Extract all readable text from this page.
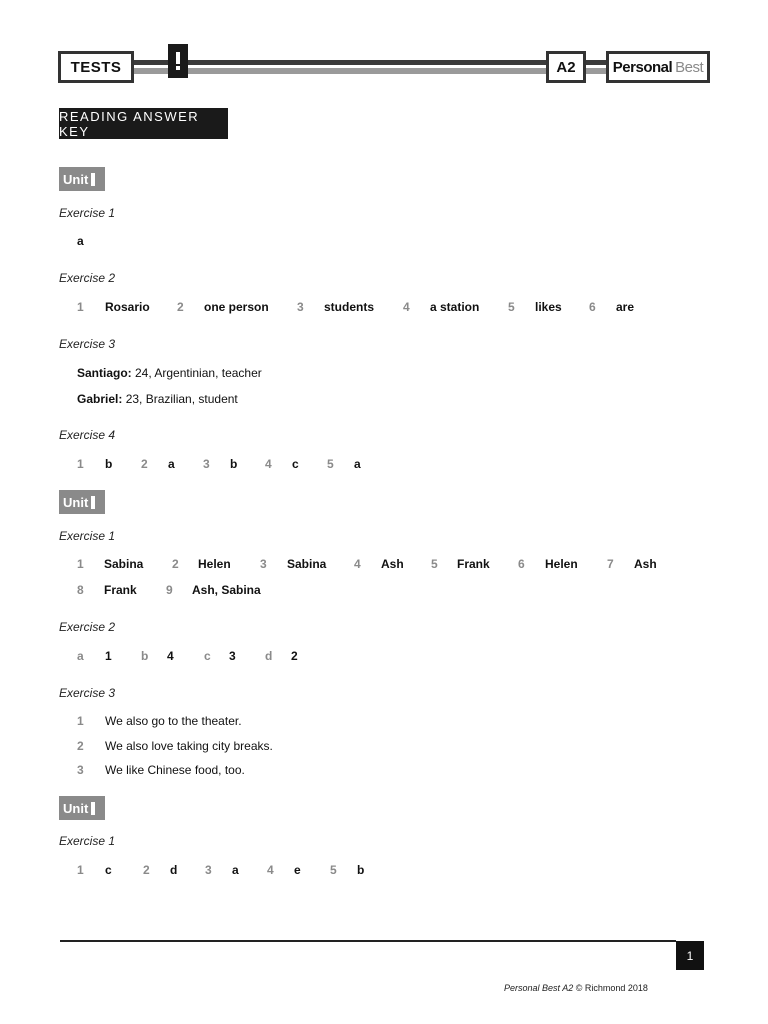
TESTS	A2	Personal Best
READING ANSWER KEY
Unit
Exercise 1
a
Exercise 2
1 Rosario 2 one person 3 students 4 a station 5 likes 6 are
Exercise 3
Santiago: 24, Argentinian, teacher
Gabriel: 23, Brazilian, student
Exercise 4
1 b 2 a 3 b 4 c 5 a
Unit
Exercise 1
1 Sabina 2 Helen 3 Sabina 4 Ash 5 Frank 6 Helen 7 Ash
8 Frank 9 Ash, Sabina
Exercise 2
a 1 b 4	c 3 d 2
Exercise 3
1 We also go to the theater.
2 We also love taking city breaks.
3 We like Chinese food, too.
Unit
Exercise 1
1 c	2 d 3 a 4 e 5 b
1
Personal Best A2 © Richmond 2018
